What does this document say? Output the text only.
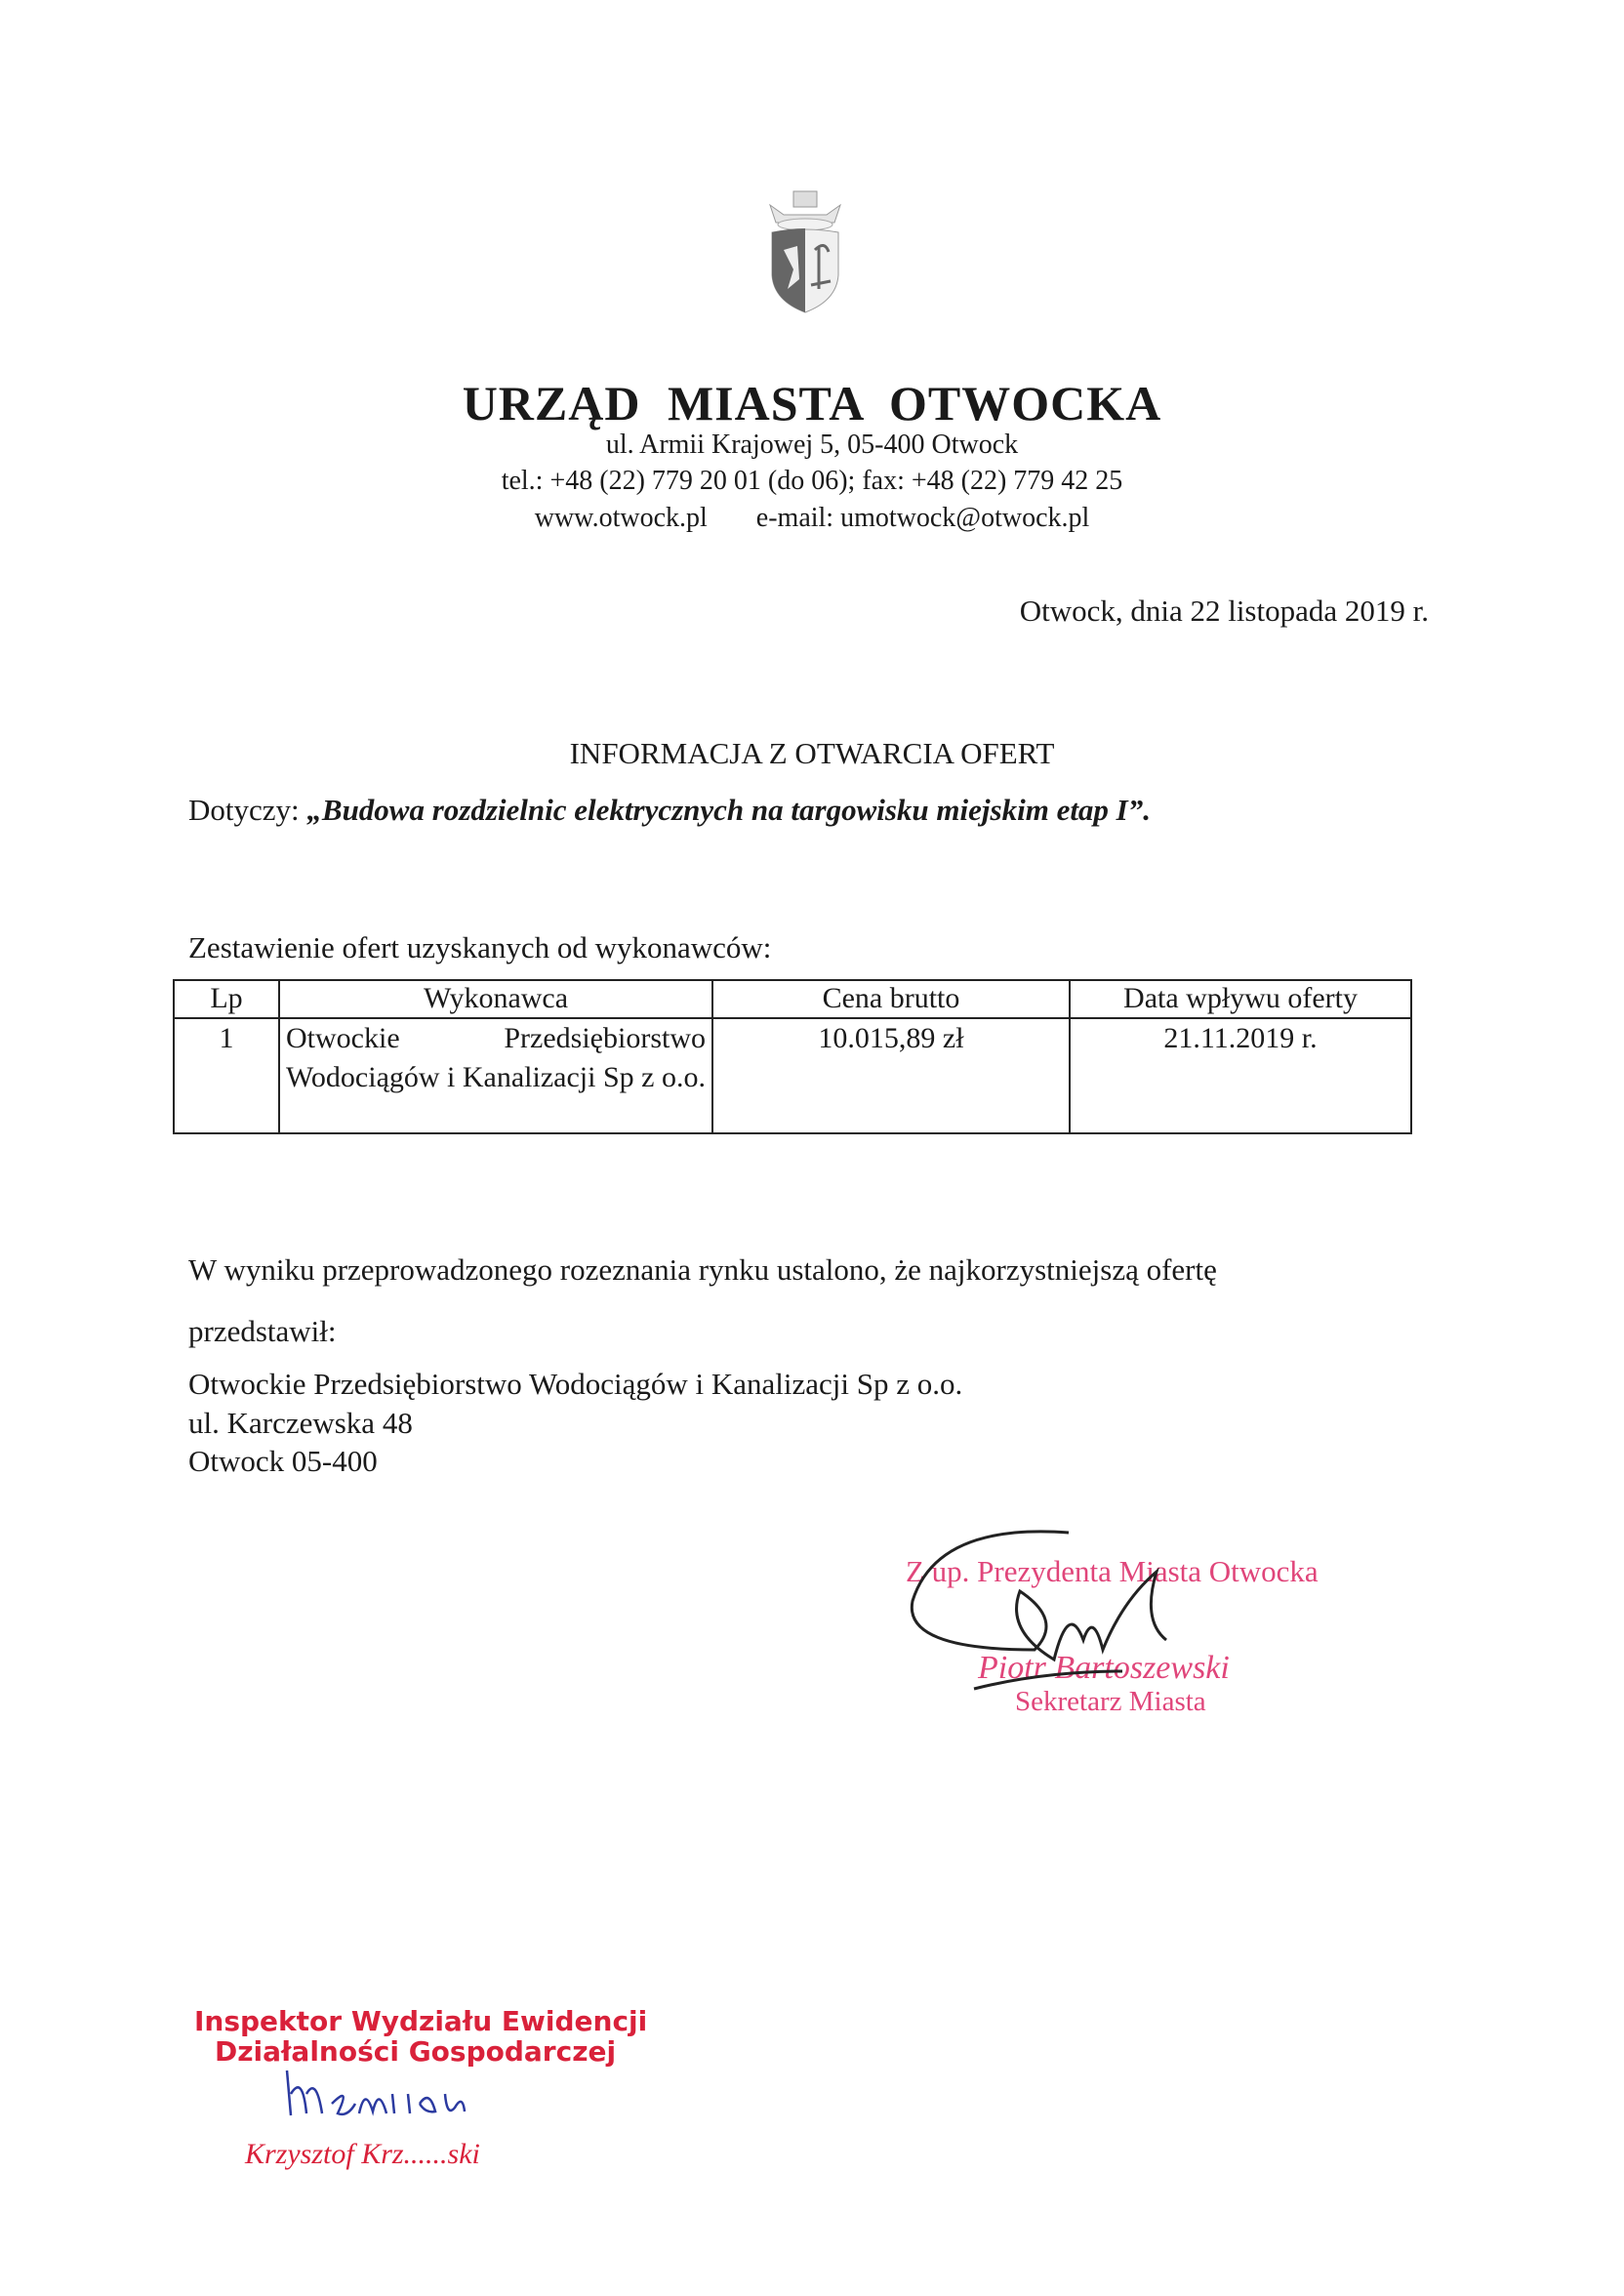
URZĄD MIASTA OTWOCKA
ul. Armii Krajowej 5, 05-400 Otwock
tel.: +48 (22) 779 20 01 (do 06); fax: +48 (22) 779 42 25
www.otwock.pl e-mail: umotwock@otwock.pl
Otwock, dnia 22 listopada 2019 r.
INFORMACJA Z OTWARCIA OFERT
Dotyczy: „Budowa rozdzielnic elektrycznych na targowisku miejskim etap I”.
Zestawienie ofert uzyskanych od wykonawców:
Lp	Wykonawca	Cena brutto	Data wpływu oferty
1	Otwockie Przedsiębiorstwo Wodociągów i Kanalizacji Sp z o.o.	10.015,89 zł	21.11.2019 r.
W wyniku przeprowadzonego rozeznania rynku ustalono, że najkorzystniejszą ofertę
przedstawił:
Otwockie Przedsiębiorstwo Wodociągów i Kanalizacji Sp z o.o.
ul. Karczewska 48
Otwock 05-400
Z up. Prezydenta Miasta Otwocka
Piotr Bartoszewski
Sekretarz Miasta
Inspektor Wydziału Ewidencji
Działalności Gospodarczej
Krzysztof Krz......ski
